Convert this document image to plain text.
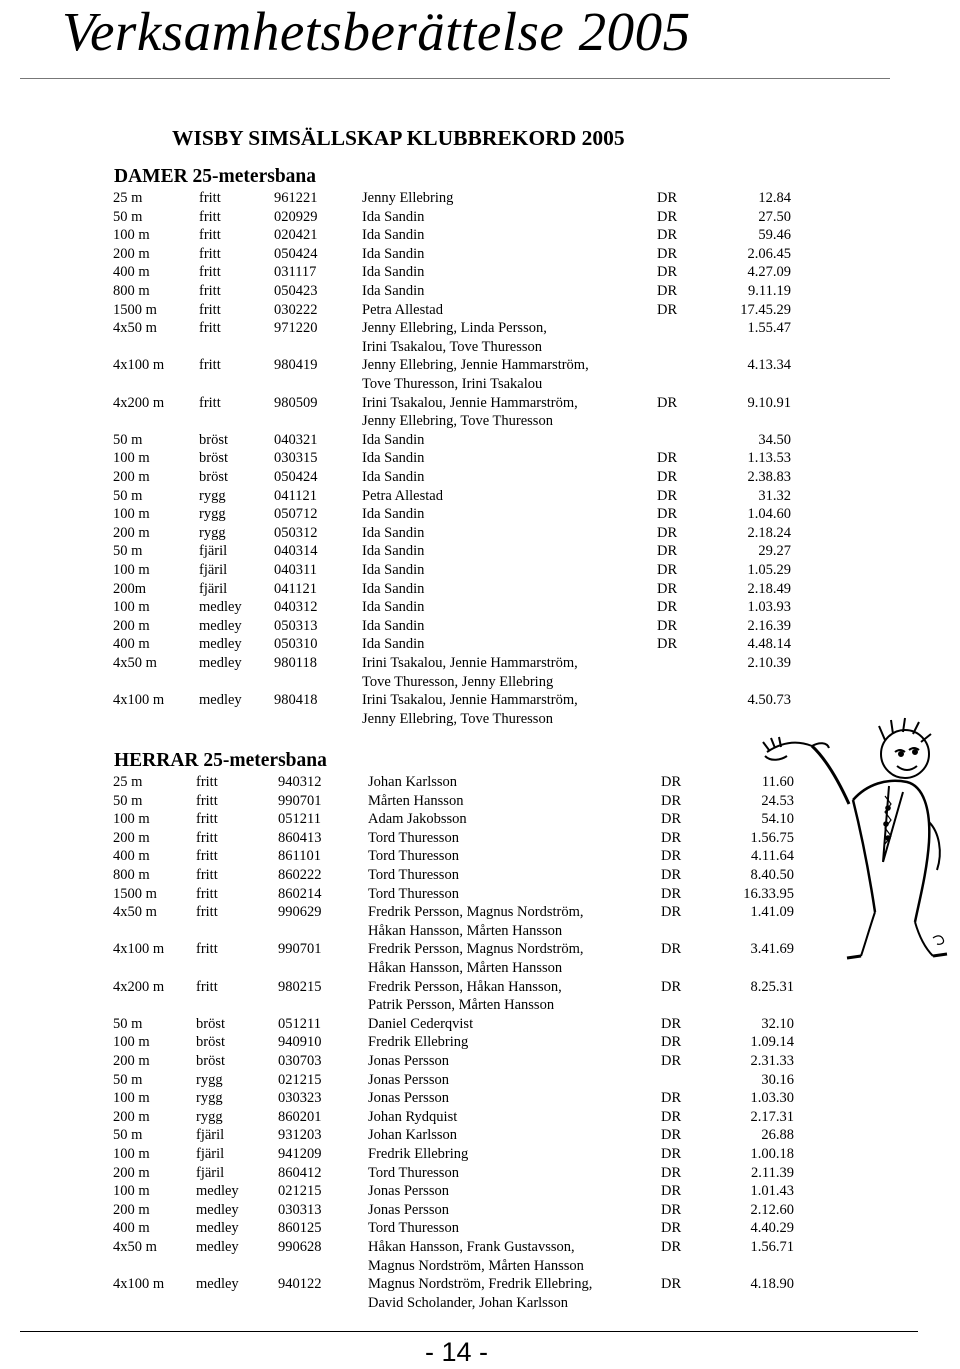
Verksamhetsberättelse 2005
WISBY SIMSÄLLSKAP KLUBBREKORD 2005
DAMER 25-metersbana
25 m	fritt	961221	Jenny Ellebring	DR	12.84
50 m	fritt	020929	Ida Sandin	DR	27.50
100 m	fritt	020421	Ida Sandin	DR	59.46
200 m	fritt	050424	Ida Sandin	DR	2.06.45
400 m	fritt	031117	Ida Sandin	DR	4.27.09
800 m	fritt	050423	Ida Sandin	DR	9.11.19
1500 m	fritt	030222	Petra Allestad	DR	17.45.29
4x50 m	fritt	971220	Jenny Ellebring, Linda Persson,	1.55.47
Irini Tsakalou, Tove Thuresson
4x100 m fritt	980419	Jenny Ellebring, Jennie Hammarström,	4.13.34
Tove Thuresson, Irini Tsakalou
4x200 m fritt	980509	Irini Tsakalou, Jennie Hammarström,	DR	9.10.91
Jenny Ellebring, Tove Thuresson
50 m	bröst	040321	Ida Sandin	34.50
100 m	bröst	030315	Ida Sandin	DR	1.13.53
200 m	bröst	050424	Ida Sandin	DR	2.38.83
50 m	rygg	041121	Petra Allestad	DR	31.32
100 m	rygg	050712	Ida Sandin	DR	1.04.60
200 m	rygg	050312	Ida Sandin	DR	2.18.24
50 m	fjäril	040314	Ida Sandin	DR	29.27
100 m	fjäril	040311	Ida Sandin	DR	1.05.29
200m	fjäril	041121	Ida Sandin	DR	2.18.49
100 m	medley 040312	Ida Sandin	DR	1.03.93
200 m	medley 050313	Ida Sandin	DR	2.16.39
400 m	medley 050310	Ida Sandin	DR	4.48.14
4x50 m	medley 980118	Irini Tsakalou, Jennie Hammarström,	2.10.39
Tove Thuresson, Jenny Ellebring
4x100 m medley 980418	Irini Tsakalou, Jennie Hammarström,	4.50.73
Jenny Ellebring, Tove Thuresson
HERRAR 25-metersbana
25 m	fritt	940312	Johan Karlsson	DR	11.60
50 m	fritt	990701	Mårten Hansson	DR	24.53
100 m	fritt	051211	Adam Jakobsson	DR	54.10
200 m	fritt	860413	Tord Thuresson	DR	1.56.75
400 m	fritt	861101	Tord Thuresson	DR	4.11.64
800 m	fritt	860222	Tord Thuresson	DR	8.40.50
1500 m	fritt	860214	Tord Thuresson	DR	16.33.95
4x50 m	fritt	990629	Fredrik Persson, Magnus Nordström,	DR	1.41.09
Håkan Hansson, Mårten Hansson
4x100 m fritt	990701	Fredrik Persson, Magnus Nordström,	DR	3.41.69
Håkan Hansson, Mårten Hansson
4x200 m fritt	980215	Fredrik Persson, Håkan Hansson,	DR	8.25.31
Patrik Persson, Mårten Hansson
50 m	bröst	051211	Daniel Cederqvist	DR	32.10
100 m	bröst	940910	Fredrik Ellebring	DR	1.09.14
200 m	bröst	030703	Jonas Persson	DR	2.31.33
50 m	rygg	021215	Jonas Persson	30.16
100 m	rygg	030323	Jonas Persson	DR	1.03.30
200 m	rygg	860201	Johan Rydquist	DR	2.17.31
50 m	fjäril	931203	Johan Karlsson	DR	26.88
100 m	fjäril	941209	Fredrik Ellebring	DR	1.00.18
200 m	fjäril	860412	Tord Thuresson	DR	2.11.39
100 m	medley	021215	Jonas Persson	DR	1.01.43
200 m	medley	030313	Jonas Persson	DR	2.12.60
400 m	medley	860125	Tord Thuresson	DR	4.40.29
4x50 m	medley	990628	Håkan Hansson, Frank Gustavsson,	DR	1.56.71
Magnus Nordström, Mårten Hansson
4x100 m medley	940122	Magnus Nordström, Fredrik Ellebring,	DR	4.18.90
David Scholander, Johan Karlsson
- 14 -
